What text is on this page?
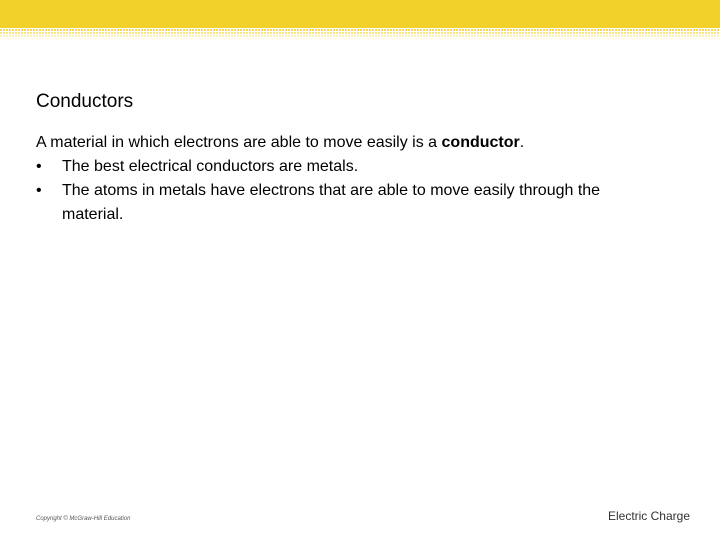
Conductors

A material in which electrons are able to move easily is a conductor.

• The best electrical conductors are metals.
• The atoms in metals have electrons that are able to move easily through the material.
Copyright © McGraw-Hill Education	Electric Charge
